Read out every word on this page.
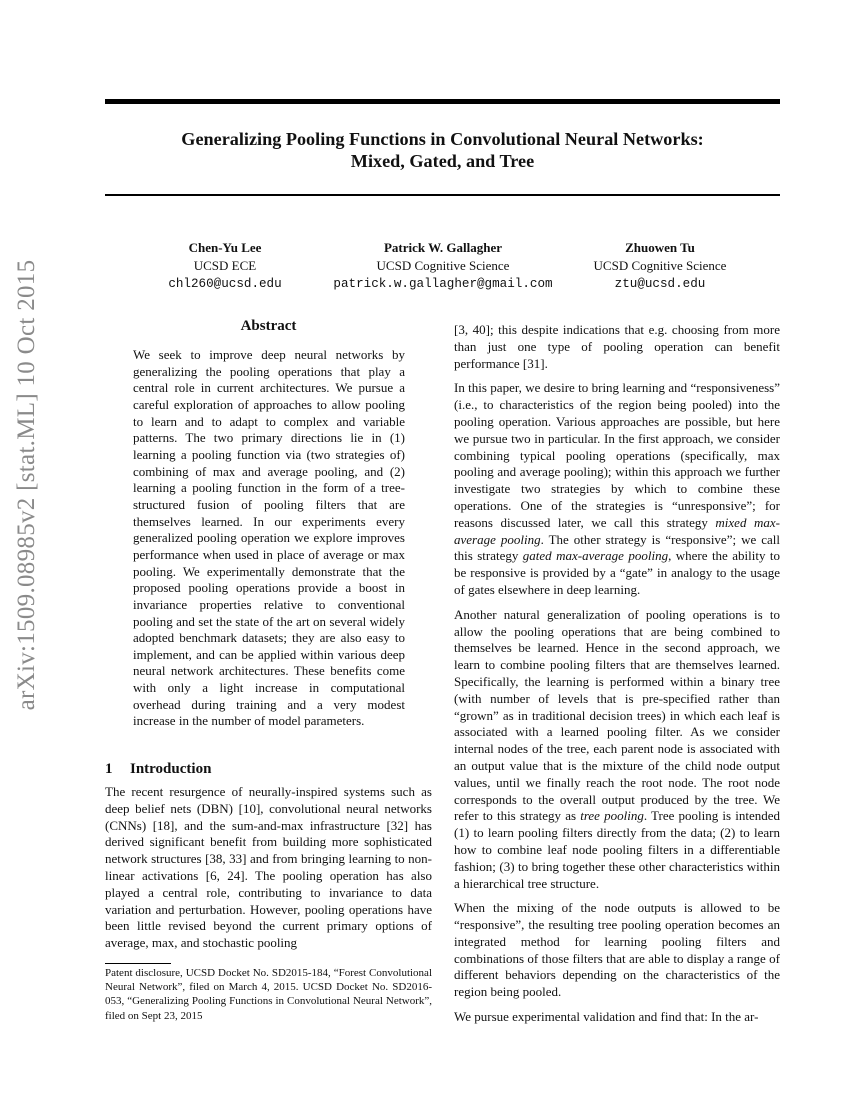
Generalizing Pooling Functions in Convolutional Neural Networks:
Mixed, Gated, and Tree
Chen-Yu Lee
UCSD ECE
chl260@ucsd.edu
Patrick W. Gallagher
UCSD Cognitive Science
patrick.w.gallagher@gmail.com
Zhuowen Tu
UCSD Cognitive Science
ztu@ucsd.edu
arXiv:1509.08985v2 [stat.ML] 10 Oct 2015	Abstract
We seek to improve deep neural networks by generalizing the pooling operations that play a central role in current architectures. We pursue a careful exploration of approaches to allow pooling to learn and to adapt to complex and variable patterns. The two primary directions lie in (1) learning a pooling function via (two strategies of) combining of max and average pooling, and (2) learning a pooling function in the form of a tree-structured fusion of pooling filters that are themselves learned. In our experiments every generalized pooling operation we explore improves performance when used in place of average or max pooling. We experimentally demonstrate that the proposed pooling operations provide a boost in invariance properties relative to conventional pooling and set the state of the art on several widely adopted benchmark datasets; they are also easy to implement, and can be applied within various deep neural network architectures. These benefits come with only a light increase in computational overhead during training and a very modest increase in the number of model parameters.
1 Introduction
The recent resurgence of neurally-inspired systems such as deep belief nets (DBN) [10], convolutional neural networks (CNNs) [18], and the sum-and-max infrastructure [32] has derived significant benefit from building more sophisticated network structures [38, 33] and from bringing learning to non-linear activations [6, 24]. The pooling operation has also played a central role, contributing to invariance to data variation and perturbation. However, pooling operations have been little revised beyond the current primary options of average, max, and stochastic pooling
Patent disclosure, UCSD Docket No. SD2015-184, “Forest Convolutional Neural Network”, filed on March 4, 2015. UCSD Docket No. SD2016-053, “Generalizing Pooling Functions in Convolutional Neural Network”, filed on Sept 23, 2015

[3, 40]; this despite indications that e.g. choosing from more than just one type of pooling operation can benefit performance [31].

In this paper, we desire to bring learning and “responsiveness” (i.e., to characteristics of the region being pooled) into the pooling operation. Various approaches are possible, but here we pursue two in particular. In the first approach, we consider combining typical pooling operations (specifically, max pooling and average pooling); within this approach we further investigate two strategies by which to combine these operations. One of the strategies is “unresponsive”; for reasons discussed later, we call this strategy mixed max-average pooling. The other strategy is “responsive”; we call this strategy gated max-average pooling, where the ability to be responsive is provided by a “gate” in analogy to the usage of gates elsewhere in deep learning.

Another natural generalization of pooling operations is to allow the pooling operations that are being combined to themselves be learned. Hence in the second approach, we learn to combine pooling filters that are themselves learned. Specifically, the learning is performed within a binary tree (with number of levels that is pre-specified rather than “grown” as in traditional decision trees) in which each leaf is associated with a learned pooling filter. As we consider internal nodes of the tree, each parent node is associated with an output value that is the mixture of the child node output values, until we finally reach the root node. The root node corresponds to the overall output produced by the tree. We refer to this strategy as tree pooling. Tree pooling is intended (1) to learn pooling filters directly from the data; (2) to learn how to combine leaf node pooling filters in a differentiable fashion; (3) to bring together these other characteristics within a hierarchical tree structure.

When the mixing of the node outputs is allowed to be “responsive”, the resulting tree pooling operation becomes an integrated method for learning pooling filters and combinations of those filters that are able to display a range of different behaviors depending on the characteristics of the region being pooled.

We pursue experimental validation and find that: In the ar-
